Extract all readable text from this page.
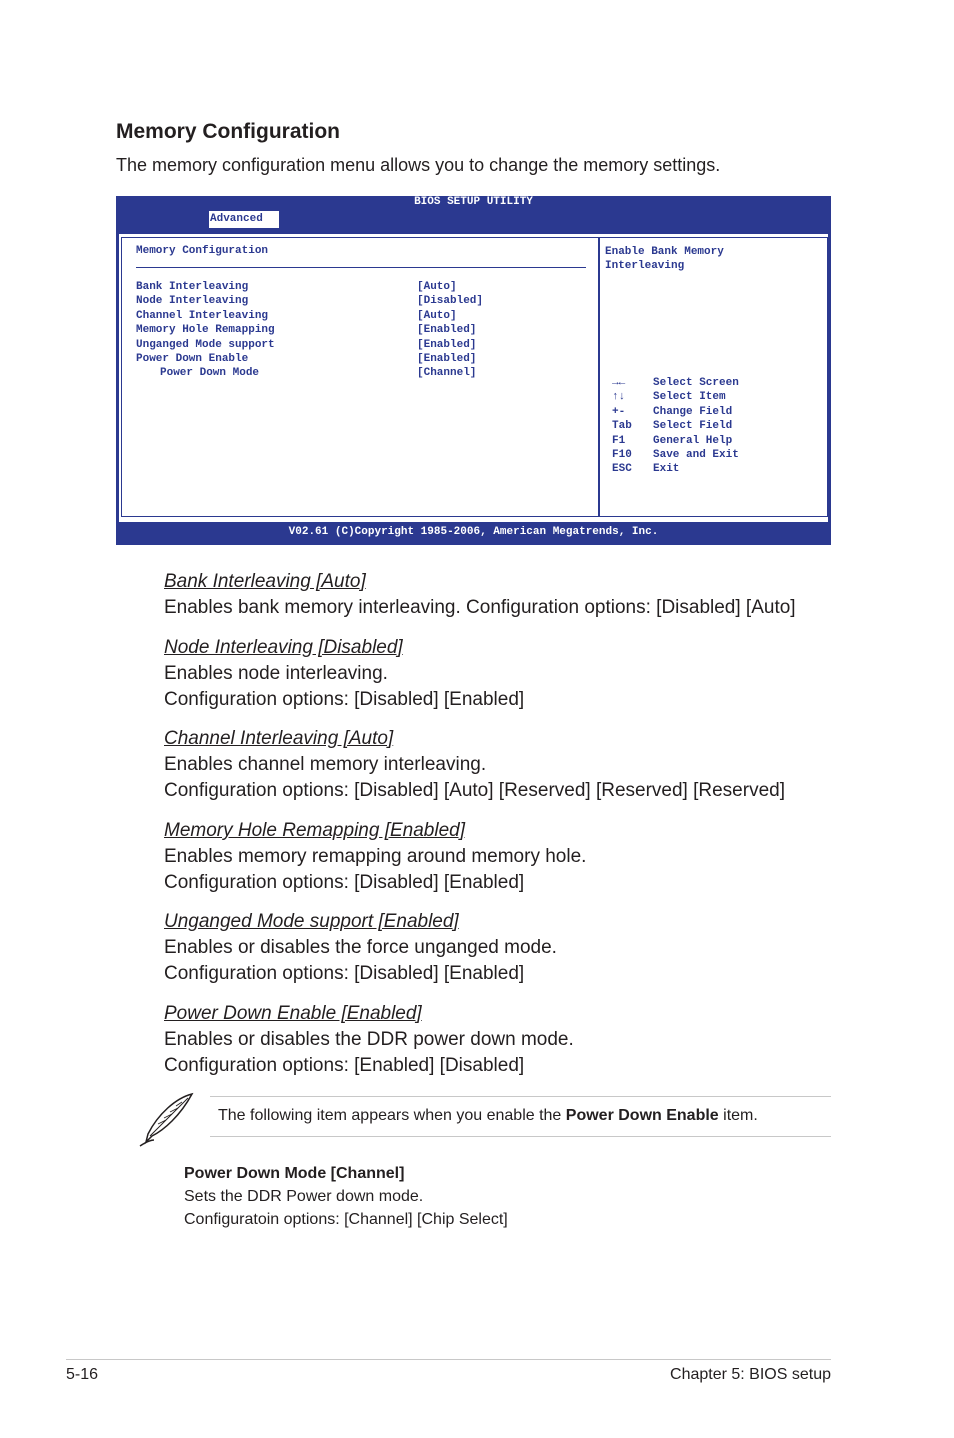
Memory Configuration
The memory configuration menu allows you to change the memory settings.
BIOS SETUP UTILITY
Advanced
Memory Configuration
Bank Interleaving	[Auto]
Node Interleaving	[Disabled]
Channel Interleaving	[Auto]
Memory Hole Remapping	[Enabled]
Unganged Mode support	[Enabled]
Power Down Enable	[Enabled]
Power Down Mode	[Channel]
Enable Bank Memory
Interleaving
→←	Select Screen
↑↓	Select Item
+-	Change Field
Tab Select Field
F1	General Help
F10 Save and Exit
ESC Exit
V02.61 (C)Copyright 1985-2006, American Megatrends, Inc.
Bank Interleaving [Auto]
Enables bank memory interleaving. Configuration options: [Disabled] [Auto]
Node Interleaving [Disabled]
Enables node interleaving.
Configuration options: [Disabled] [Enabled]
Channel Interleaving [Auto]
Enables channel memory interleaving.
Configuration options: [Disabled] [Auto] [Reserved] [Reserved] [Reserved]
Memory Hole Remapping [Enabled]
Enables memory remapping around memory hole.
Configuration options: [Disabled] [Enabled]
Unganged Mode support [Enabled]
Enables or disables the force unganged mode.
Configuration options: [Disabled] [Enabled]
Power Down Enable [Enabled]
Enables or disables the DDR power down mode.
Configuration options: [Enabled] [Disabled]
The following item appears when you enable the Power Down Enable item.
Power Down Mode [Channel]
Sets the DDR Power down mode.
Configuratoin options: [Channel] [Chip Select]
5-16	Chapter 5: BIOS setup
